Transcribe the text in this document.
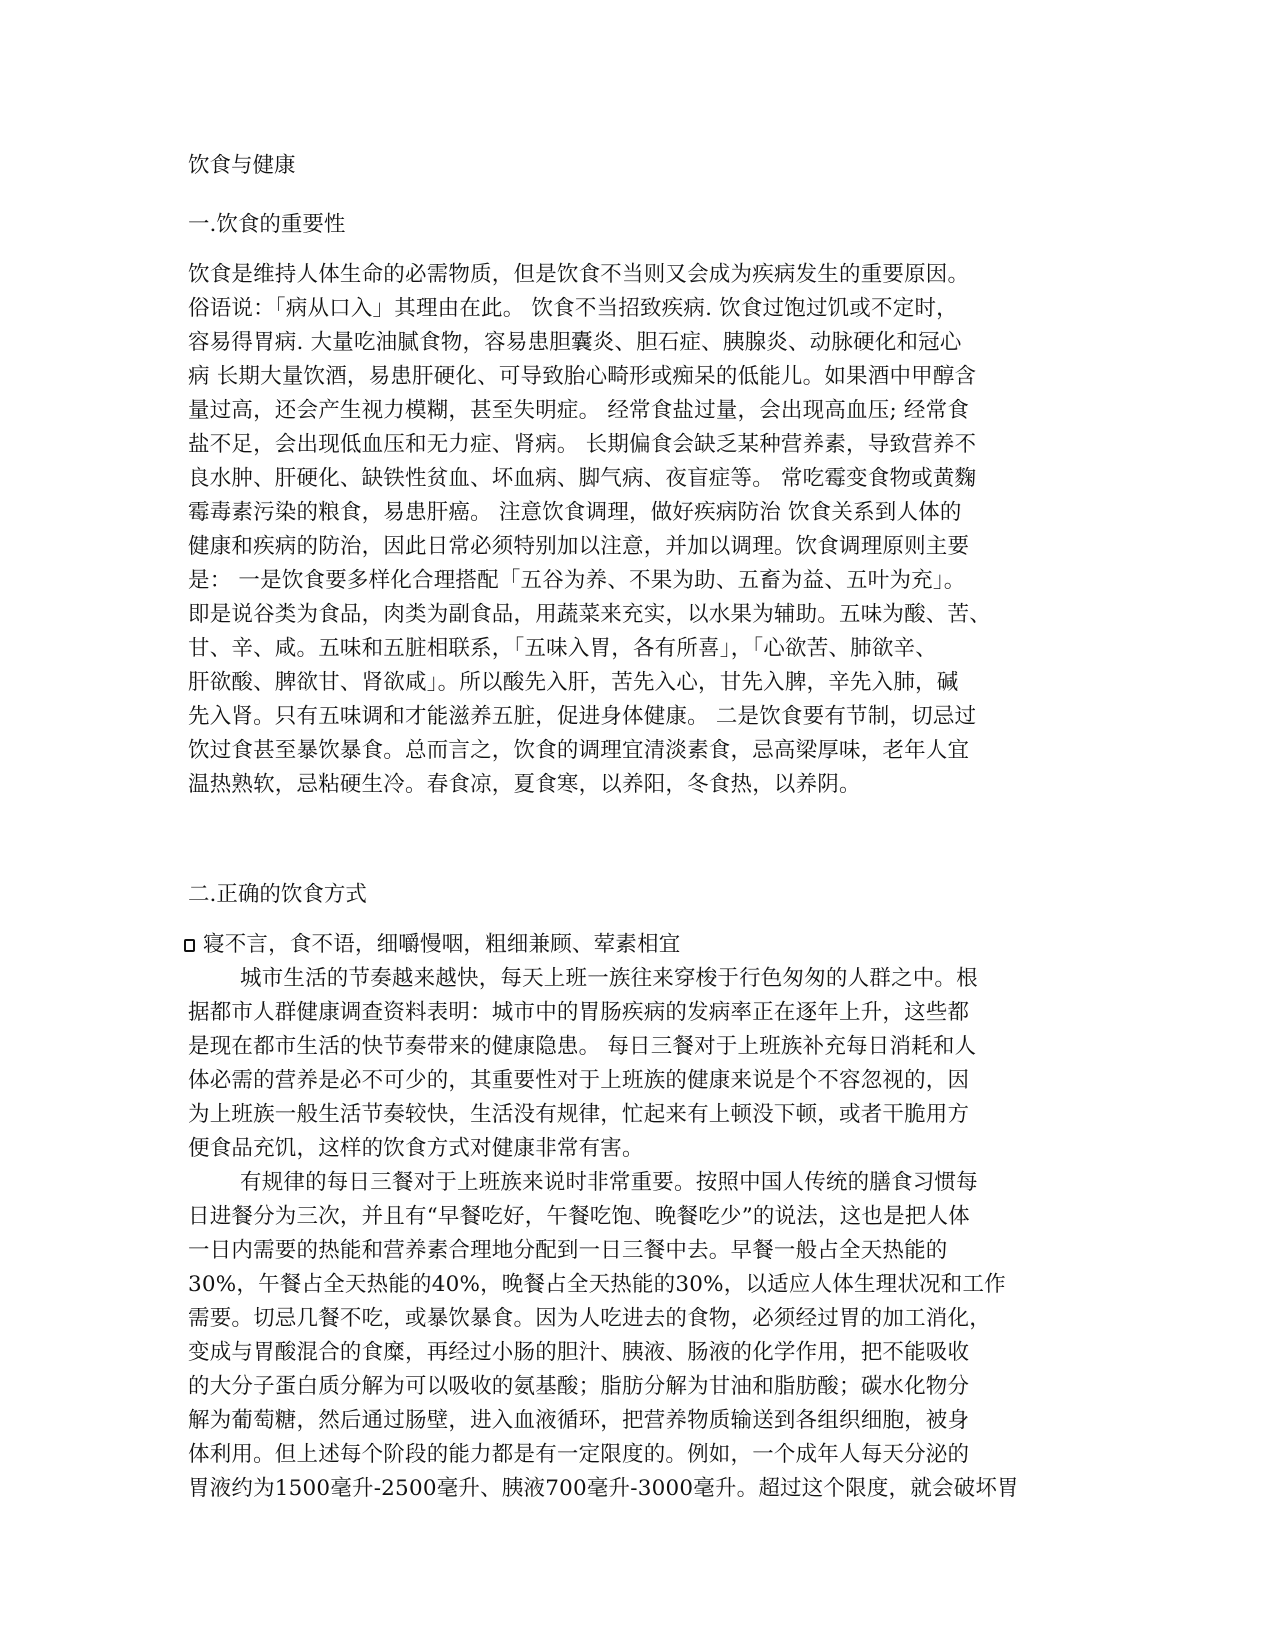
饮食与健康
一.饮食的重要性
饮食是维持人体生命的必需物质，但是饮食不当则又会成为疾病发生的重要原因。
俗语说：「病从口入」其理由在此。 饮食不当招致疾病. 饮食过饱过饥或不定时，
容易得胃病. 大量吃油腻食物，容易患胆囊炎、胆石症、胰腺炎、动脉硬化和冠心
病 长期大量饮酒，易患肝硬化、可导致胎心畸形或痴呆的低能儿。如果酒中甲醇含
量过高，还会产生视力模糊，甚至失明症。 经常食盐过量，会出现高血压; 经常食
盐不足，会出现低血压和无力症、肾病。 长期偏食会缺乏某种营养素，导致营养不
良水肿、肝硬化、缺铁性贫血、坏血病、脚气病、夜盲症等。 常吃霉变食物或黄麴
霉毒素污染的粮食，易患肝癌。 注意饮食调理，做好疾病防治 饮食关系到人体的
健康和疾病的防治，因此日常必须特别加以注意，并加以调理。饮食调理原则主要
是： 一是饮食要多样化合理搭配「五谷为养、不果为助、五畜为益、五叶为充」。
即是说谷类为食品，肉类为副食品，用蔬菜来充实，以水果为辅助。五味为酸、苦、
甘、辛、咸。五味和五脏相联系，「五味入胃，各有所喜」，「心欲苦、肺欲辛、
肝欲酸、脾欲甘、肾欲咸」。所以酸先入肝，苦先入心，甘先入脾，辛先入肺，碱
先入肾。只有五味调和才能滋养五脏，促进身体健康。 二是饮食要有节制，切忌过
饮过食甚至暴饮暴食。总而言之，饮食的调理宜清淡素食，忌高梁厚味，老年人宜
温热熟软，忌粘硬生冷。春食凉，夏食寒，以养阳，冬食热，以养阴。
二.正确的饮食方式
寝不言，食不语，细嚼慢咽，粗细兼顾、荤素相宜
城市生活的节奏越来越快，每天上班一族往来穿梭于行色匆匆的人群之中。根
据都市人群健康调查资料表明：城市中的胃肠疾病的发病率正在逐年上升，这些都
是现在都市生活的快节奏带来的健康隐患。 每日三餐对于上班族补充每日消耗和人
体必需的营养是必不可少的，其重要性对于上班族的健康来说是个不容忽视的，因
为上班族一般生活节奏较快，生活没有规律，忙起来有上顿没下顿，或者干脆用方
便食品充饥，这样的饮食方式对健康非常有害。
有规律的每日三餐对于上班族来说时非常重要。按照中国人传统的膳食习惯每
日进餐分为三次，并且有“早餐吃好，午餐吃饱、晚餐吃少”的说法，这也是把人体
一日内需要的热能和营养素合理地分配到一日三餐中去。早餐一般占全天热能的
30%，午餐占全天热能的40%，晚餐占全天热能的30%，以适应人体生理状况和工作
需要。切忌几餐不吃，或暴饮暴食。因为人吃进去的食物，必须经过胃的加工消化，
变成与胃酸混合的食糜，再经过小肠的胆汁、胰液、肠液的化学作用，把不能吸收
的大分子蛋白质分解为可以吸收的氨基酸；脂肪分解为甘油和脂肪酸；碳水化物分
解为葡萄糖，然后通过肠壁，进入血液循环，把营养物质输送到各组织细胞，被身
体利用。但上述每个阶段的能力都是有一定限度的。例如，一个成年人每天分泌的
胃液约为1500毫升-2500毫升、胰液700毫升-3000毫升。超过这个限度，就会破坏胃
